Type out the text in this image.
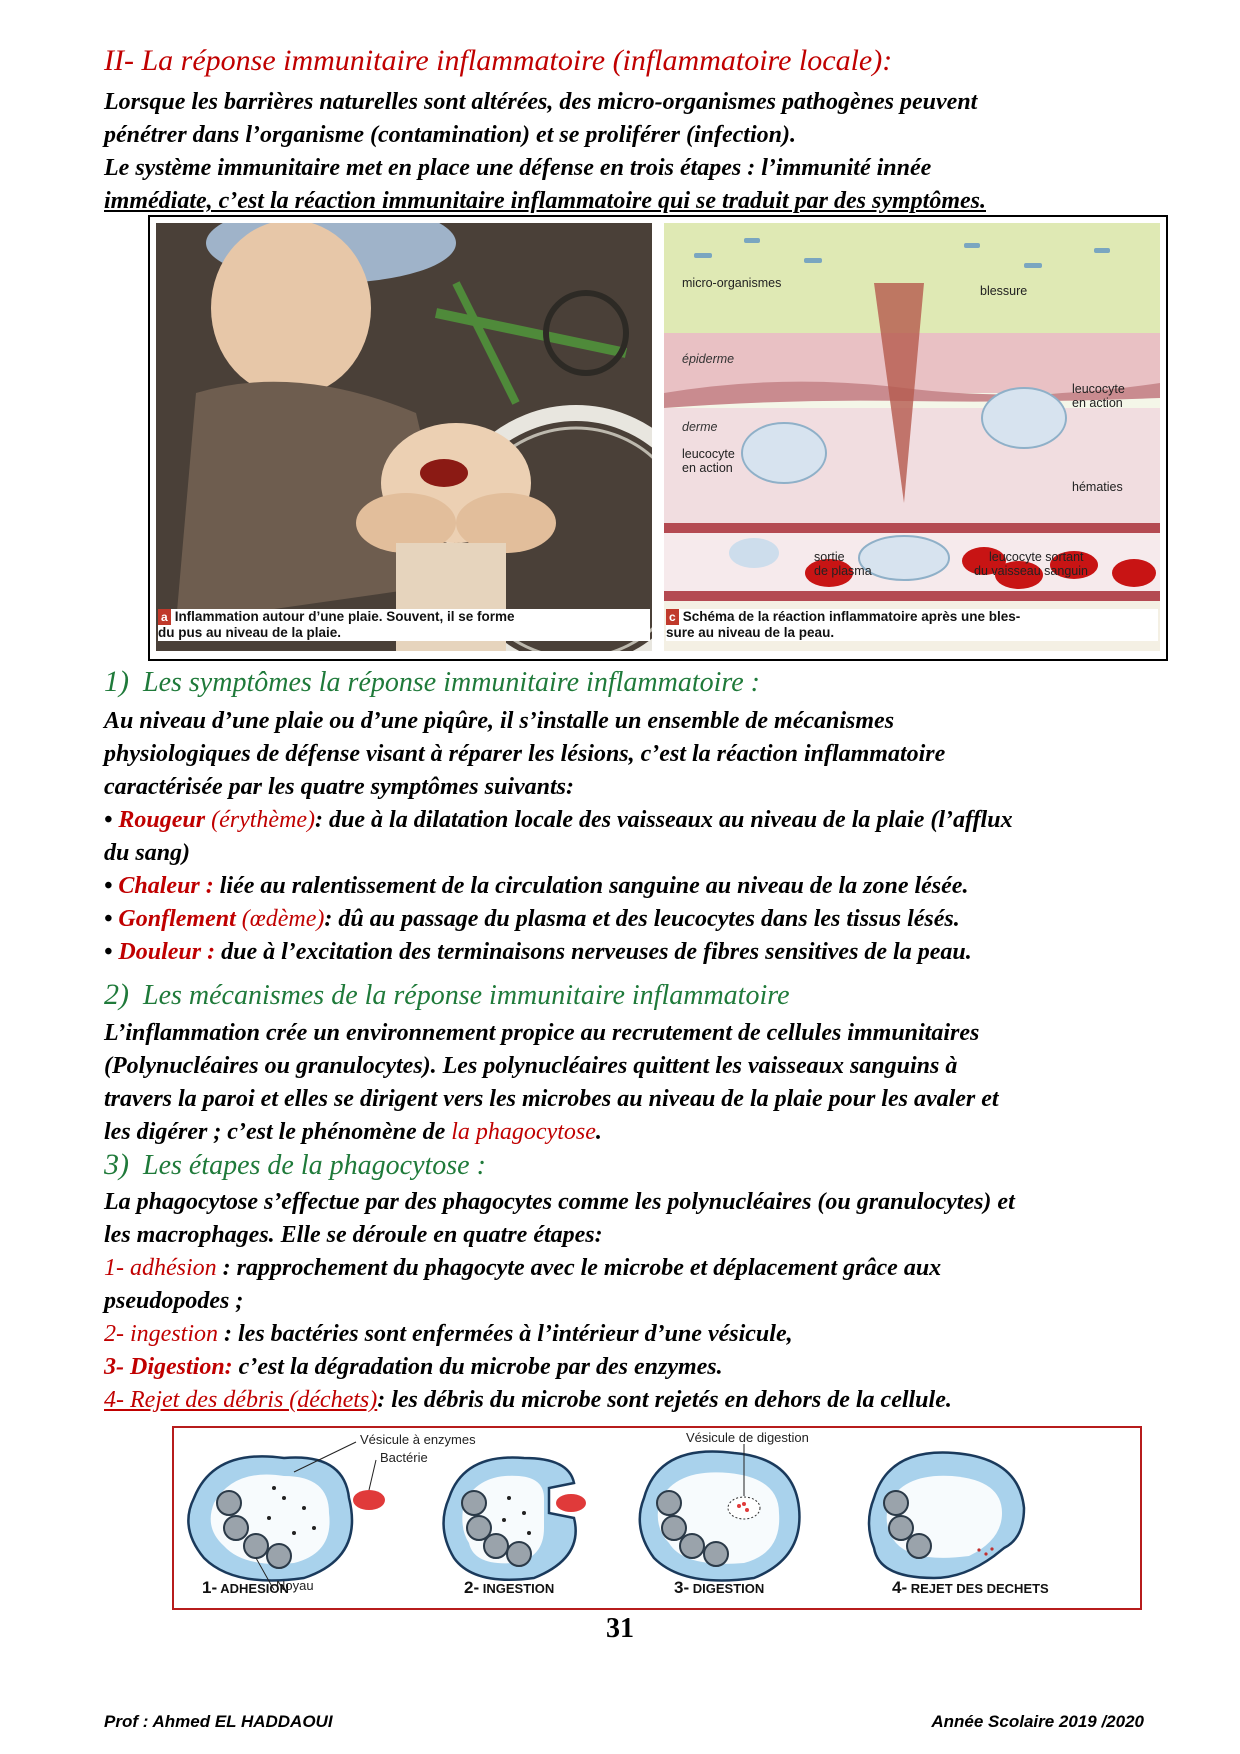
II- La réponse immunitaire inflammatoire (inflammatoire locale):
Lorsque les barrières naturelles sont altérées, des micro-organismes pathogènes peuvent
pénétrer dans l’organisme (contamination) et se proliférer (infection).
Le système immunitaire met en place une défense en trois étapes : l’immunité innée
immédiate, c’est la réaction immunitaire inflammatoire qui se traduit par des symptômes.
micro-organismes
blessure
épiderme
derme
leucocyte
en action
leucocyte
en action
hématies
sortie
de plasma
leucocyte sortant
du vaisseau sanguin
a Inflammation autour d’une plaie. Souvent, il se forme
du pus au niveau de la plaie.
c Schéma de la réaction inflammatoire après une bles-
sure au niveau de la peau.
1) Les symptômes la réponse immunitaire inflammatoire :
Au niveau d’une plaie ou d’une piqûre, il s’installe un ensemble de mécanismes
physiologiques de défense visant à réparer les lésions, c’est la réaction inflammatoire
caractérisée par les quatre symptômes suivants:
• Rougeur (érythème): due à la dilatation locale des vaisseaux au niveau de la plaie (l’afflux
du sang)
• Chaleur : liée au ralentissement de la circulation sanguine au niveau de la zone lésée.
• Gonflement (œdème): dû au passage du plasma et des leucocytes dans les tissus lésés.
• Douleur : due à l’excitation des terminaisons nerveuses de fibres sensitives de la peau.
2) Les mécanismes de la réponse immunitaire inflammatoire
L’inflammation crée un environnement propice au recrutement de cellules immunitaires
(Polynucléaires ou granulocytes). Les polynucléaires quittent les vaisseaux sanguins à
travers la paroi et elles se dirigent vers les microbes au niveau de la plaie pour les avaler et
les digérer ; c’est le phénomène de la phagocytose.
3) Les étapes de la phagocytose :
La phagocytose s’effectue par des phagocytes comme les polynucléaires (ou granulocytes) et
les macrophages. Elle se déroule en quatre étapes:
1- adhésion : rapprochement du phagocyte avec le microbe et déplacement grâce aux
pseudopodes ;
2- ingestion : les bactéries sont enfermées à l’intérieur d’une vésicule,
3- Digestion: c’est la dégradation du microbe par des enzymes.
4- Rejet des débris (déchets): les débris du microbe sont rejetés en dehors de la cellule.
Vésicule à enzymes
Bactérie
Noyau
Vésicule de digestion
1- ADHESION	2- INGESTION	3- DIGESTION	4- REJET DES DECHETS
31
Prof : Ahmed EL HADDAOUI	Année Scolaire 2019 /2020
